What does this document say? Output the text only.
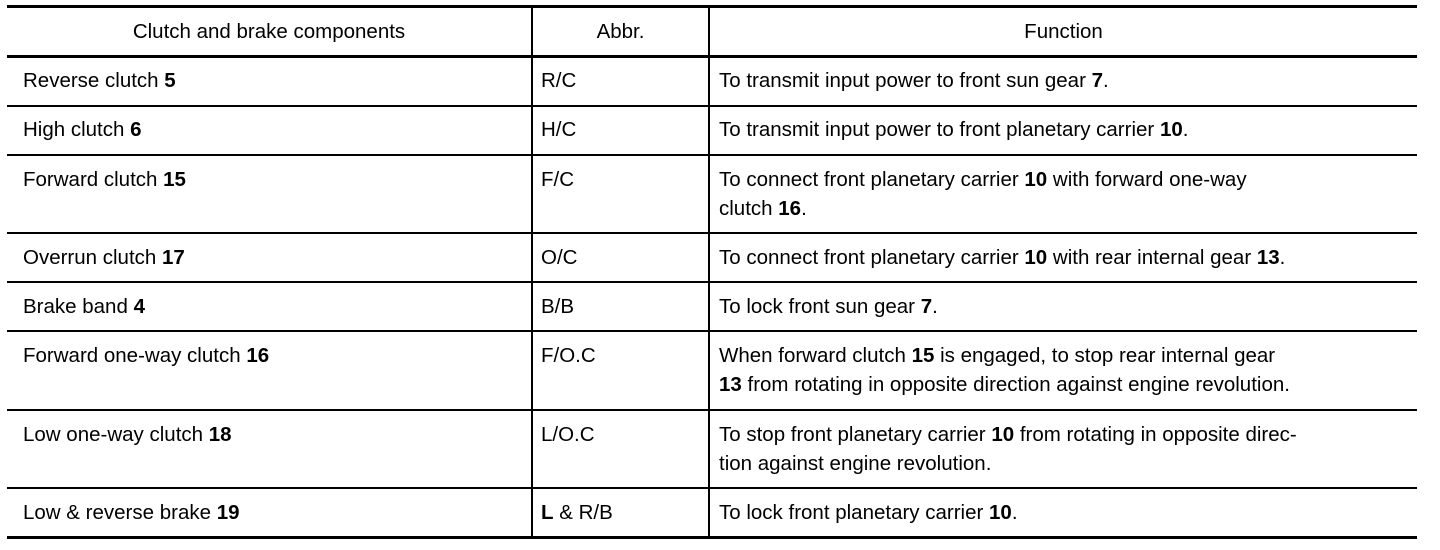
Clutch and brake components	Abbr.	Function
Reverse clutch 5	R/C	To transmit input power to front sun gear 7.
High clutch 6	H/C	To transmit input power to front planetary carrier 10.
Forward clutch 15	F/C	To connect front planetary carrier 10 with forward one-way
clutch 16.
Overrun clutch 17	O/C	To connect front planetary carrier 10 with rear internal gear 13.
Brake band 4	B/B	To lock front sun gear 7.
Forward one-way clutch 16	F/O.C	When forward clutch 15 is engaged, to stop rear internal gear
13 from rotating in opposite direction against engine revolution.
Low one-way clutch 18	L/O.C	To stop front planetary carrier 10 from rotating in opposite direc-
tion against engine revolution.
Low & reverse brake 19	L & R/B	To lock front planetary carrier 10.
